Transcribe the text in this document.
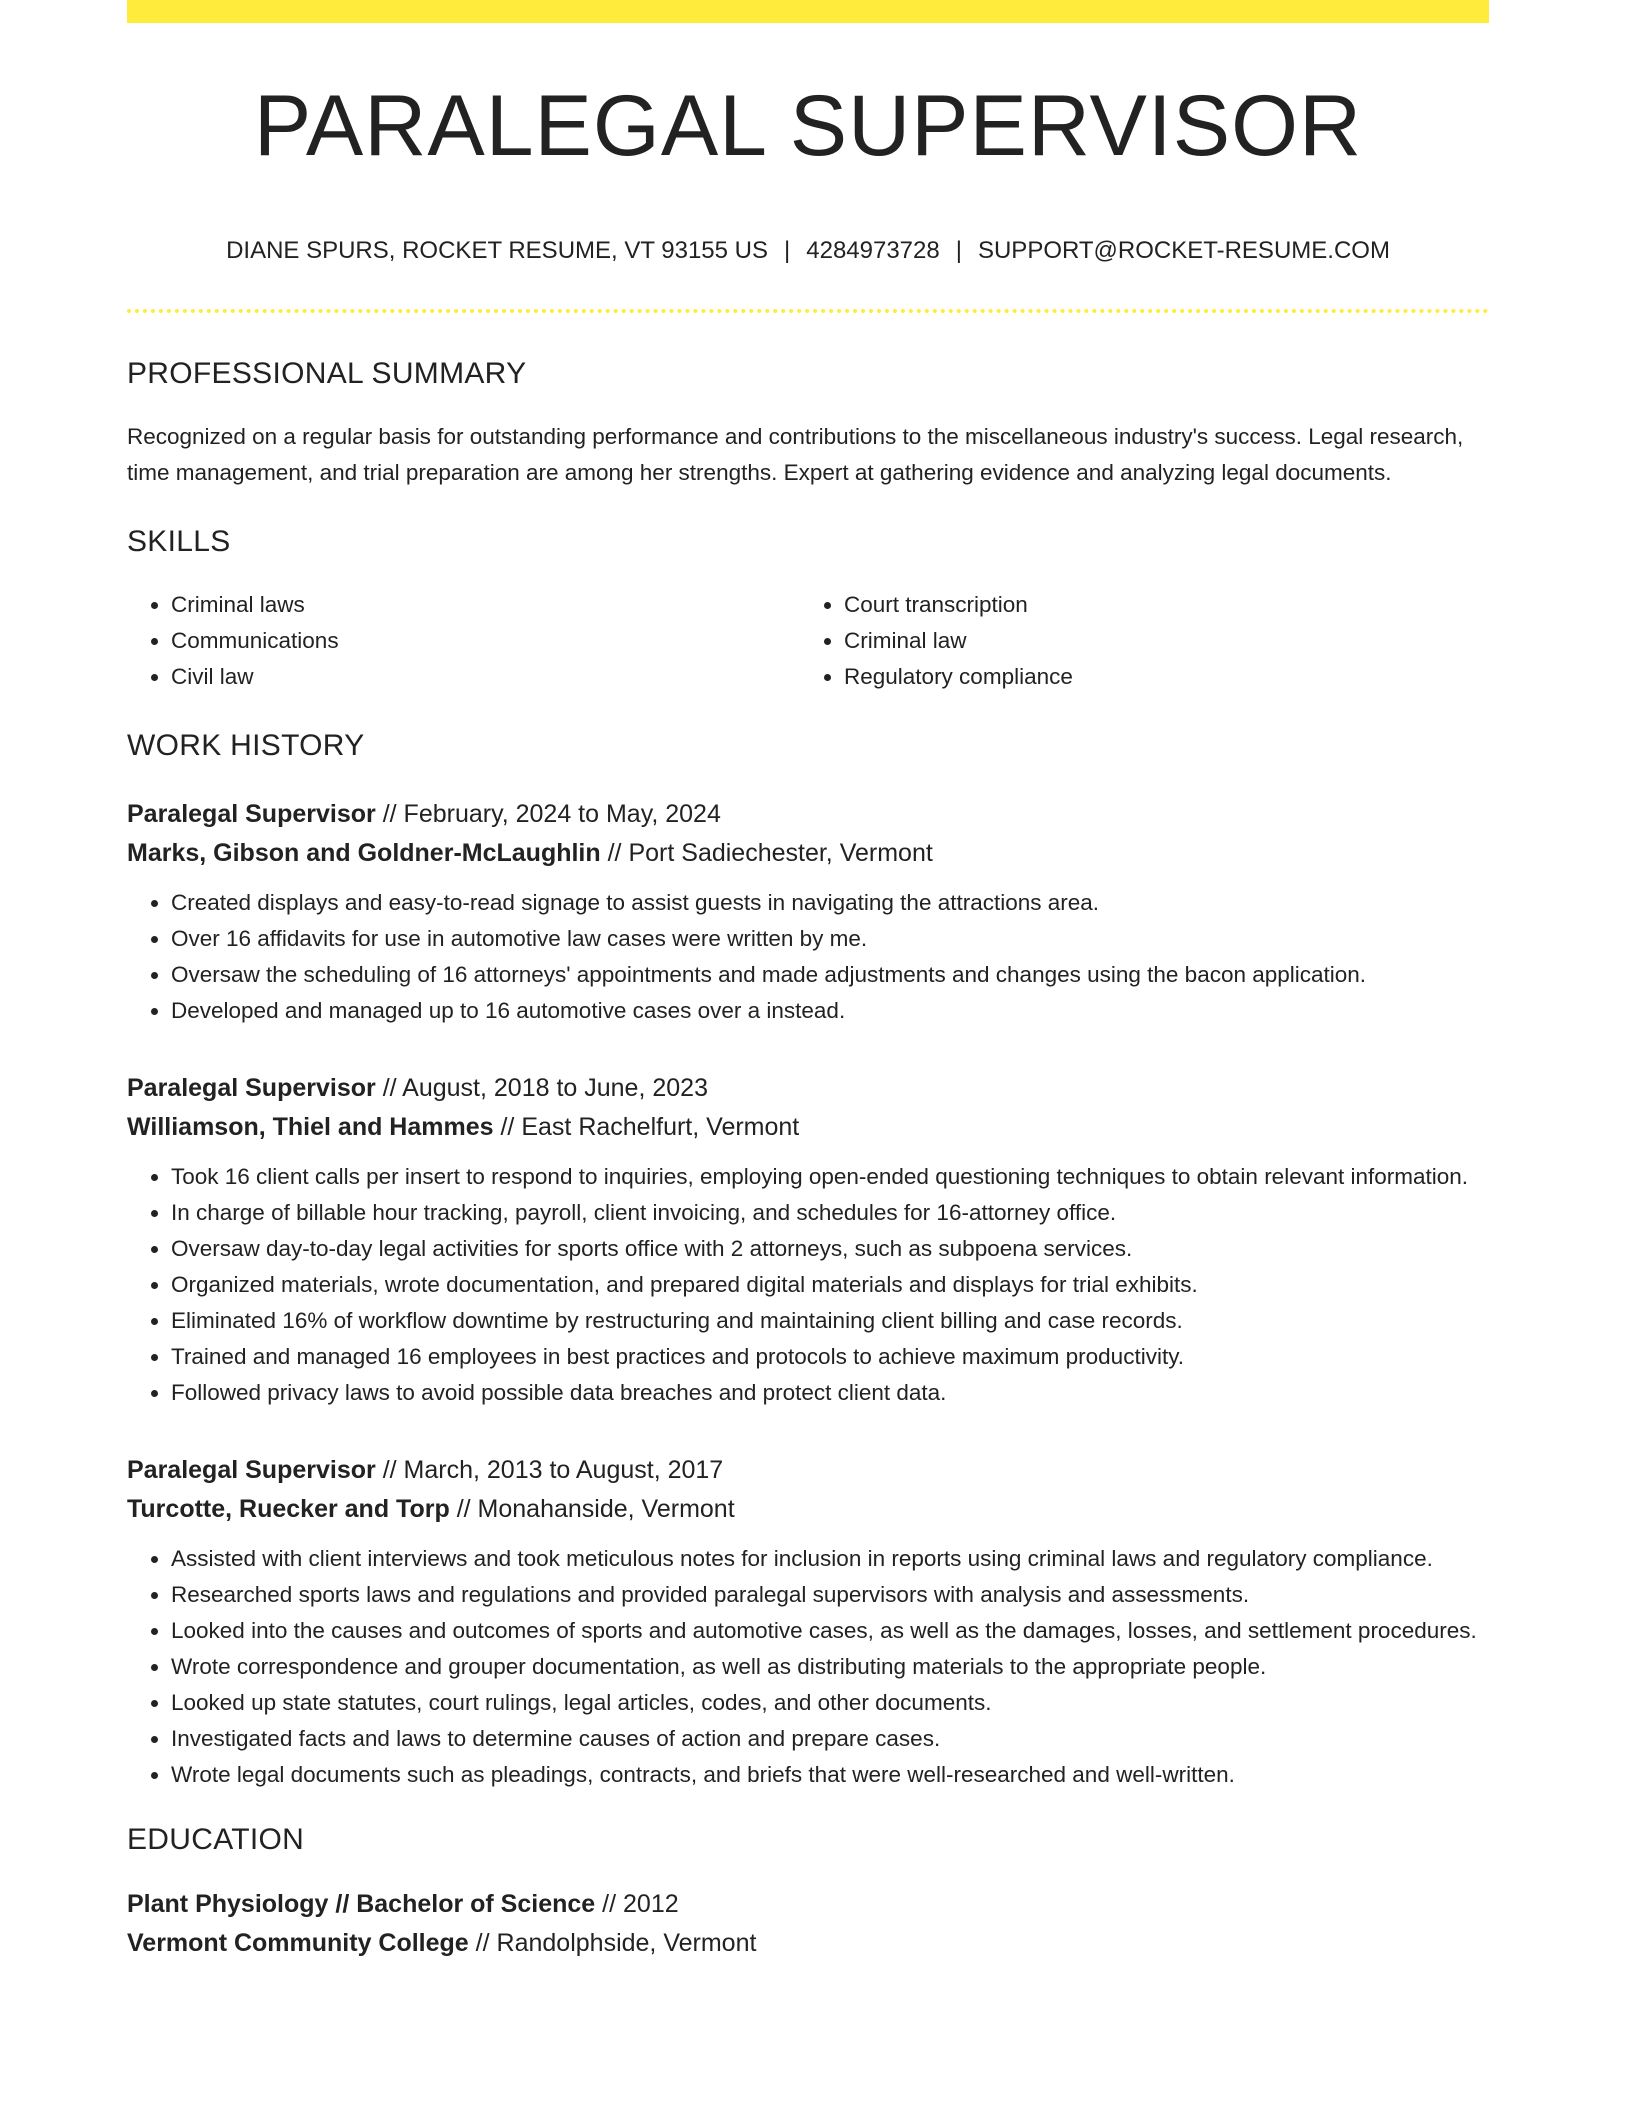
PARALEGAL SUPERVISOR
DIANE SPURS, ROCKET RESUME, VT 93155 US | 4284973728 | SUPPORT@ROCKET-RESUME.COM
PROFESSIONAL SUMMARY
Recognized on a regular basis for outstanding performance and contributions to the miscellaneous industry's success. Legal research, time management, and trial preparation are among her strengths. Expert at gathering evidence and analyzing legal documents.
SKILLS
• Criminal laws
• Communications
• Civil law
• Court transcription
• Criminal law
• Regulatory compliance
WORK HISTORY
Paralegal Supervisor // February, 2024 to May, 2024
Marks, Gibson and Goldner-McLaughlin // Port Sadiechester, Vermont
• Created displays and easy-to-read signage to assist guests in navigating the attractions area.
• Over 16 affidavits for use in automotive law cases were written by me.
• Oversaw the scheduling of 16 attorneys' appointments and made adjustments and changes using the bacon application.
• Developed and managed up to 16 automotive cases over a instead.
Paralegal Supervisor // August, 2018 to June, 2023
Williamson, Thiel and Hammes // East Rachelfurt, Vermont
• Took 16 client calls per insert to respond to inquiries, employing open-ended questioning techniques to obtain relevant information.
• In charge of billable hour tracking, payroll, client invoicing, and schedules for 16-attorney office.
• Oversaw day-to-day legal activities for sports office with 2 attorneys, such as subpoena services.
• Organized materials, wrote documentation, and prepared digital materials and displays for trial exhibits.
• Eliminated 16% of workflow downtime by restructuring and maintaining client billing and case records.
• Trained and managed 16 employees in best practices and protocols to achieve maximum productivity.
• Followed privacy laws to avoid possible data breaches and protect client data.
Paralegal Supervisor // March, 2013 to August, 2017
Turcotte, Ruecker and Torp // Monahanside, Vermont
• Assisted with client interviews and took meticulous notes for inclusion in reports using criminal laws and regulatory compliance.
• Researched sports laws and regulations and provided paralegal supervisors with analysis and assessments.
• Looked into the causes and outcomes of sports and automotive cases, as well as the damages, losses, and settlement procedures.
• Wrote correspondence and grouper documentation, as well as distributing materials to the appropriate people.
• Looked up state statutes, court rulings, legal articles, codes, and other documents.
• Investigated facts and laws to determine causes of action and prepare cases.
• Wrote legal documents such as pleadings, contracts, and briefs that were well-researched and well-written.
EDUCATION
Plant Physiology // Bachelor of Science // 2012
Vermont Community College // Randolphside, Vermont
